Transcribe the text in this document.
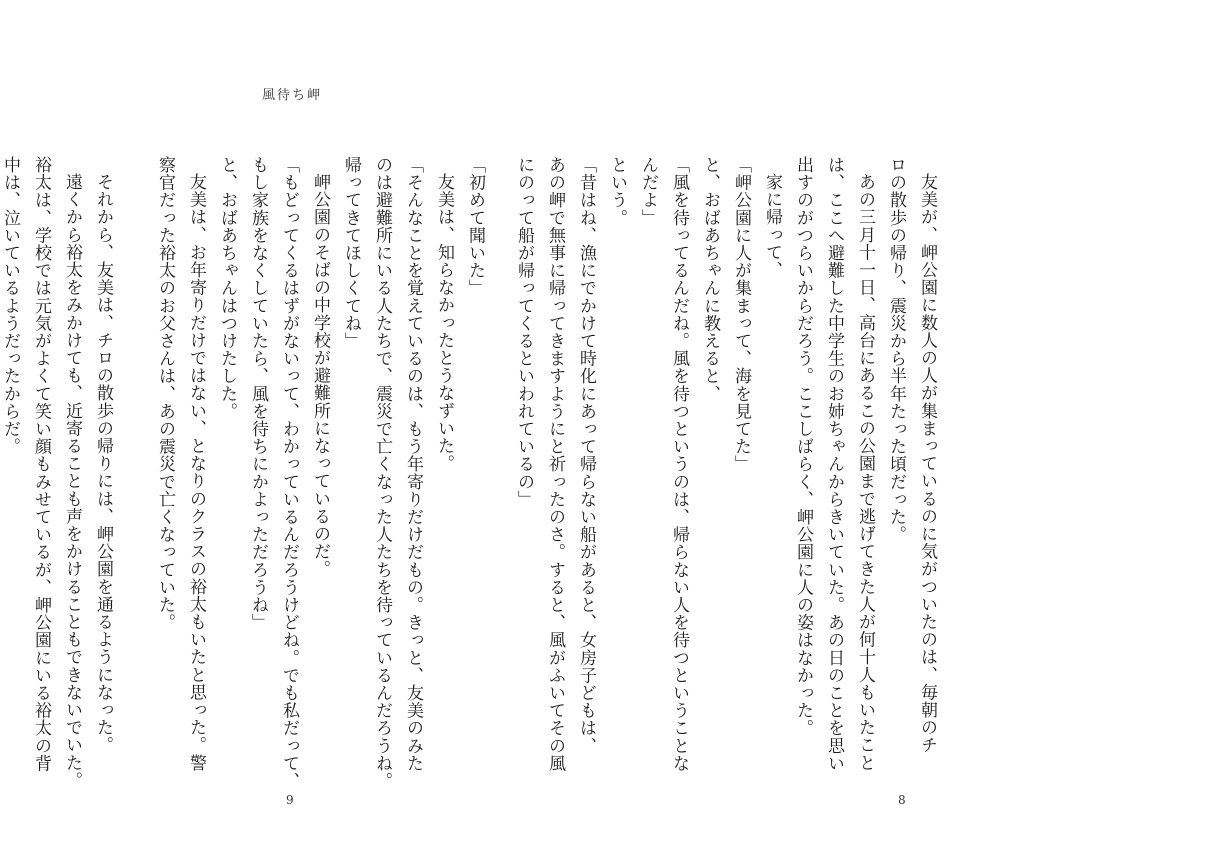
風待ち岬
「初めて聞いた」
友美は、知らなかったとうなずいた。
「そんなことを覚えているのは、もう年寄りだけだもの。きっと、友美のみた
のは避難所にいる人たちで、震災で亡くなった人たちを待っているんだろうね。
帰ってきてほしくてね」
岬公園のそばの中学校が避難所になっているのだ。
「もどってくるはずがないって、わかっているんだろうけどね。でも私だって、
もし家族をなくしていたら、風を待ちにかよっただろうね」
と、おばあちゃんはつけたした。
友美は、お年寄りだけではない、となりのクラスの裕太もいたと思った。警
察官だった裕太のお父さんは、あの震災で亡くなっていた。
それから、友美は、チロの散歩の帰りには、岬公園を通るようになった。
遠くから裕太をみかけても、近寄ることも声をかけることもできないでいた。
裕太は、学校では元気がよくて笑い顔もみせているが、岬公園にいる裕太の背
中は、泣いているようだったからだ。
9
友美が、岬公園に数人の人が集まっているのに気がついたのは、毎朝のチ
ロの散歩の帰り、震災から半年たった頃だった。
あの三月十一日、高台にあるこの公園まで逃げてきた人が何十人もいたこと
は、ここへ避難した中学生のお姉ちゃんからきいていた。あの日のことを思い
出すのがつらいからだろう。ここしばらく、岬公園に人の姿はなかった。
家に帰って、
「岬公園に人が集まって、海を見てた」
と、おばあちゃんに教えると、
「風を待ってるんだね。風を待つというのは、帰らない人を待つということな
んだよ」
という。
「昔はね、漁にでかけて時化にあって帰らない船があると、女房子どもは、
あの岬で無事に帰ってきますようにと祈ったのさ。すると、風がふいてその風
にのって船が帰ってくるといわれているの」
8
